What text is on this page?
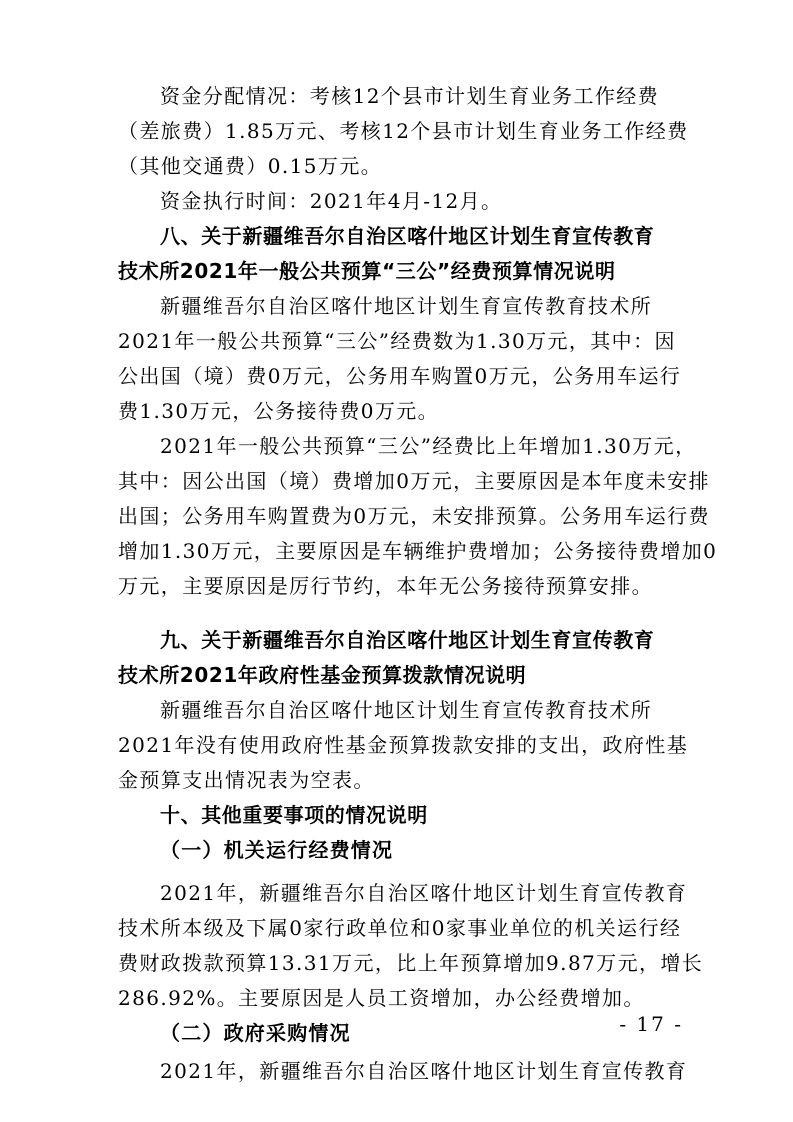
资金分配情况：考核12个县市计划生育业务工作经费
（差旅费）1.85万元、考核12个县市计划生育业务工作经费
（其他交通费）0.15万元。
资金执行时间：2021年4月-12月。
八、关于新疆维吾尔自治区喀什地区计划生育宣传教育
技术所2021年一般公共预算“三公”经费预算情况说明
新疆维吾尔自治区喀什地区计划生育宣传教育技术所
2021年一般公共预算“三公”经费数为1.30万元，其中：因
公出国（境）费0万元，公务用车购置0万元，公务用车运行
费1.30万元，公务接待费0万元。
2021年一般公共预算“三公”经费比上年增加1.30万元，
其中：因公出国（境）费增加0万元，主要原因是本年度未安排
出国；公务用车购置费为0万元，未安排预算。公务用车运行费
增加1.30万元，主要原因是车辆维护费增加；公务接待费增加0
万元，主要原因是厉行节约，本年无公务接待预算安排。
九、关于新疆维吾尔自治区喀什地区计划生育宣传教育
技术所2021年政府性基金预算拨款情况说明
新疆维吾尔自治区喀什地区计划生育宣传教育技术所
2021年没有使用政府性基金预算拨款安排的支出，政府性基
金预算支出情况表为空表。
十、其他重要事项的情况说明
（一）机关运行经费情况
2021年，新疆维吾尔自治区喀什地区计划生育宣传教育
技术所本级及下属0家行政单位和0家事业单位的机关运行经
费财政拨款预算13.31万元，比上年预算增加9.87万元，增长
286.92%。主要原因是人员工资增加，办公经费增加。
（二）政府采购情况
2021年，新疆维吾尔自治区喀什地区计划生育宣传教育
- 17 -
